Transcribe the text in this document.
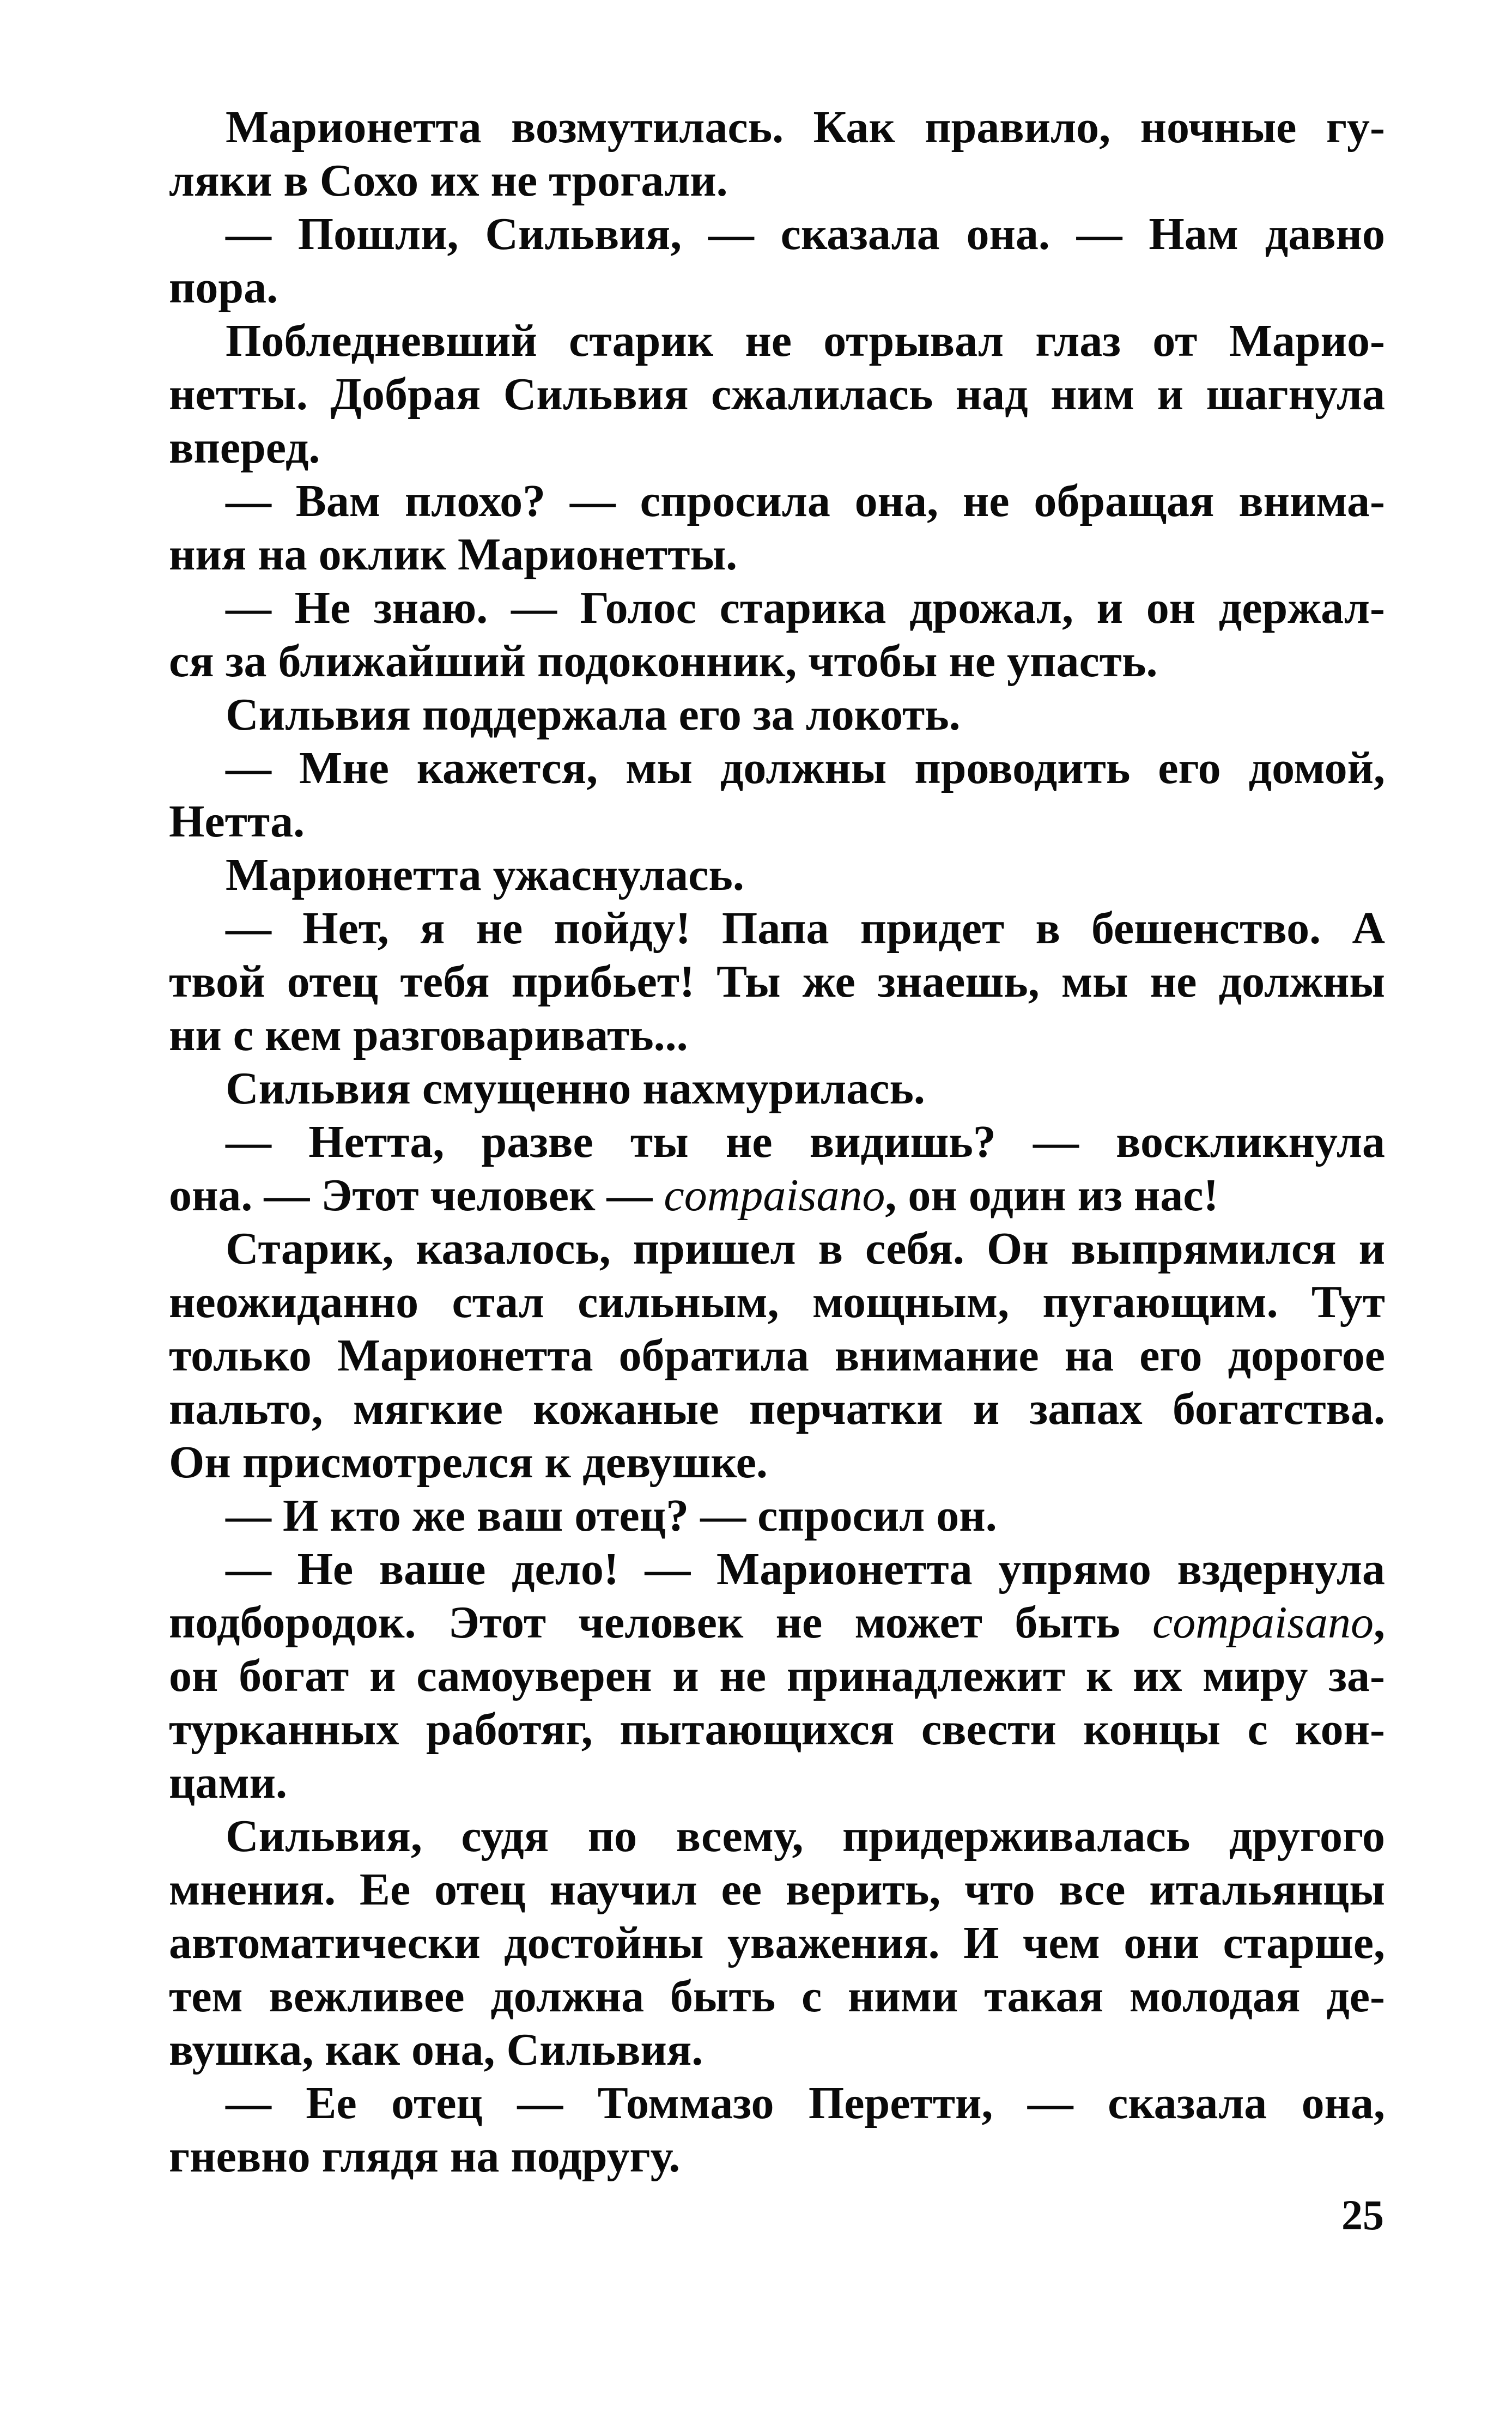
Марионетта возмутилась. Как правило, ночные гу-
ляки в Сохо их не трогали.
— Пошли, Сильвия, — сказала она. — Нам давно
пора.
Побледневший старик не отрывал глаз от Марио-
нетты. Добрая Сильвия сжалилась над ним и шагнула
вперед.
— Вам плохо? — спросила она, не обращая внима-
ния на оклик Марионетты.
— Не знаю. — Голос старика дрожал, и он держал-
ся за ближайший подоконник, чтобы не упасть.
Сильвия поддержала его за локоть.
— Мне кажется, мы должны проводить его домой,
Нетта.
Марионетта ужаснулась.
— Нет, я не пойду! Папа придет в бешенство. А
твой отец тебя прибьет! Ты же знаешь, мы не должны
ни с кем разговаривать...
Сильвия смущенно нахмурилась.
— Нетта, разве ты не видишь? — воскликнула
она. — Этот человек — compaisano, он один из нас!
Старик, казалось, пришел в себя. Он выпрямился и
неожиданно стал сильным, мощным, пугающим. Тут
только Марионетта обратила внимание на его дорогое
пальто, мягкие кожаные перчатки и запах богатства.
Он присмотрелся к девушке.
— И кто же ваш отец? — спросил он.
— Не ваше дело! — Марионетта упрямо вздернула
подбородок. Этот человек не может быть compaisano,
он богат и самоуверен и не принадлежит к их миру за-
турканных работяг, пытающихся свести концы с кон-
цами.
Сильвия, судя по всему, придерживалась другого
мнения. Ее отец научил ее верить, что все итальянцы
автоматически достойны уважения. И чем они старше,
тем вежливее должна быть с ними такая молодая де-
вушка, как она, Сильвия.
— Ее отец — Томмазо Перетти, — сказала она,
гневно глядя на подругу.
25
